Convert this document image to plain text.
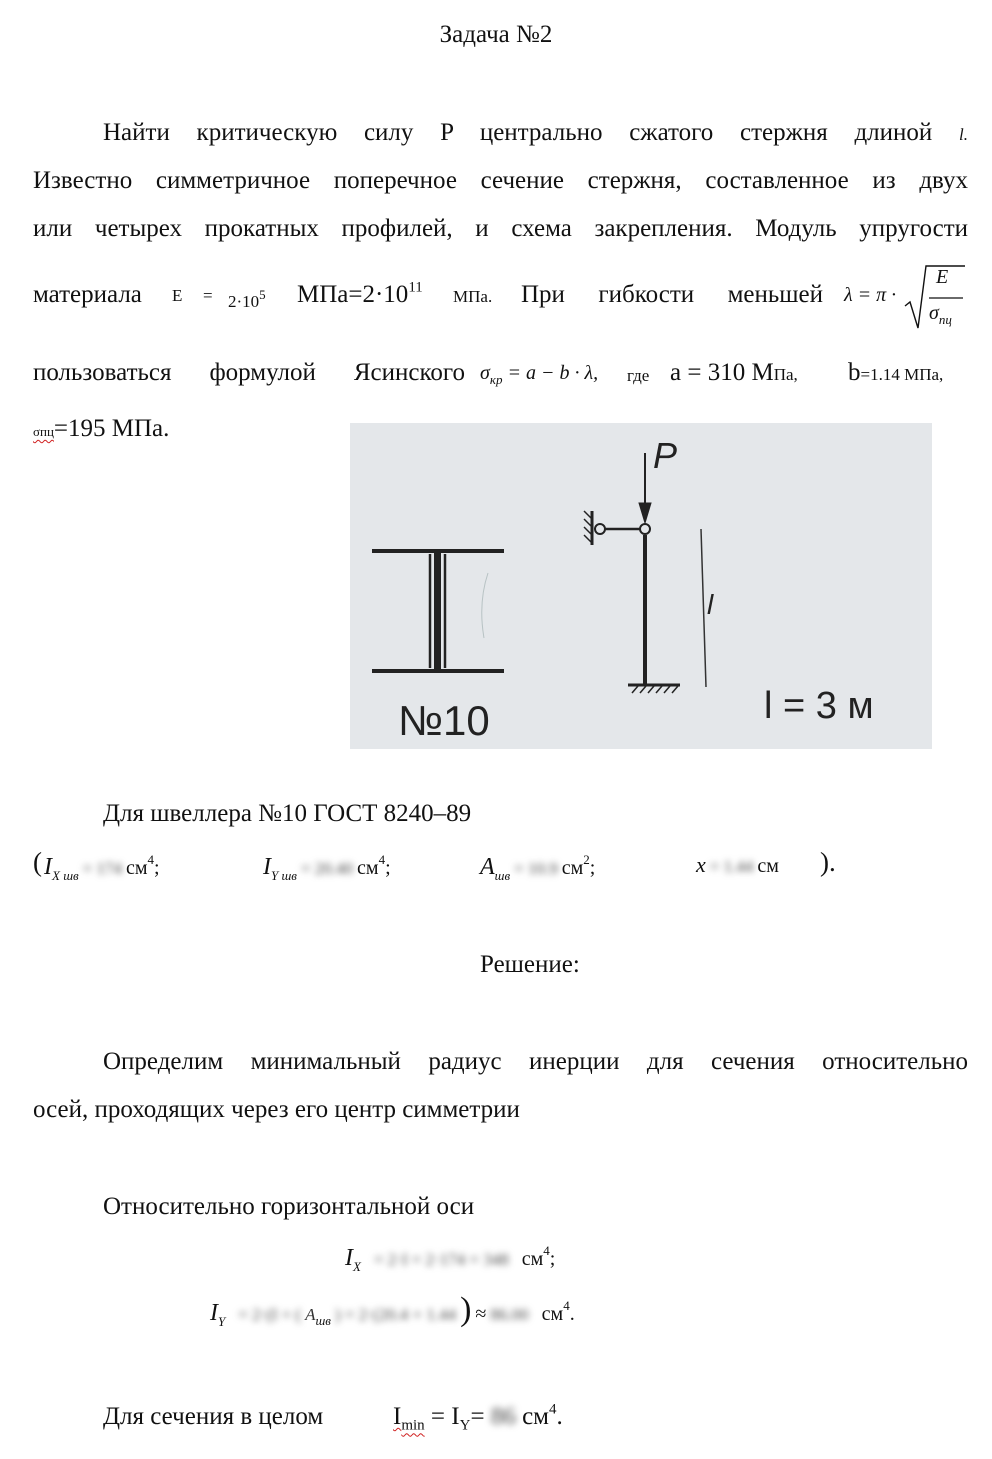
Задача №2
Найти критическую силу P центрально сжатого стержня длиной l.
Известно симметричное поперечное сечение стержня, составленное из двух
или четырех прокатных профилей, и схема закрепления. Модуль упругости
материала $E = 2\cdot 10^5$ $МПа=2\cdot 10^{11}$ МПа. При гибкости меньшей λ = π ·
E
$\sigma_{пц}$
пользоваться формулой Ясинского $\sigma_{кр} = a - b \cdot \lambda$, где a = 310 МПа, b=1.14 МПа,
σпц=195 МПа.
P
l
№10	l = 3 м
Для швеллера №10 ГОСТ 8240–89
( $I_{X шв} = 174$ $см^4$;	$I_{Y шв} = 20.40$ $см^4$;	$A_{шв} = 10.9$ $см^2$;	x = 1.44 см ).
Решение:
Определим минимальный радиус инерции для сечения относительно
осей, проходящих через его центр симметрии
Относительно горизонтальной оси
$I_X = 2\cdot I = 2\cdot 174 = 348$ $см^4$;
$I_Y = 2\cdot(I$ + ( $A_{шв}$ ) = 2·(20.4 + 1.44 ) ≈ 86.00 $см^4$.
Для сечения в целом	$I_{min} = I_Y= 86$ $см^4$.
